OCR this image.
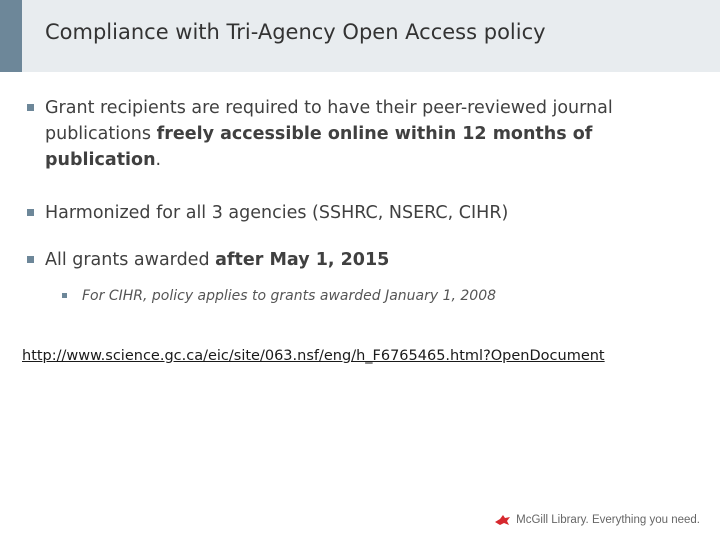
Compliance with Tri-Agency Open Access policy
Grant recipients are required to have their peer-reviewed journal publications freely accessible online within 12 months of publication.
Harmonized for all 3 agencies (SSHRC, NSERC, CIHR)
All grants awarded after May 1, 2015
For CIHR, policy applies to grants awarded January 1, 2008
http://www.science.gc.ca/eic/site/063.nsf/eng/h_F6765465.html?OpenDocument
McGill Library. Everything you need.
